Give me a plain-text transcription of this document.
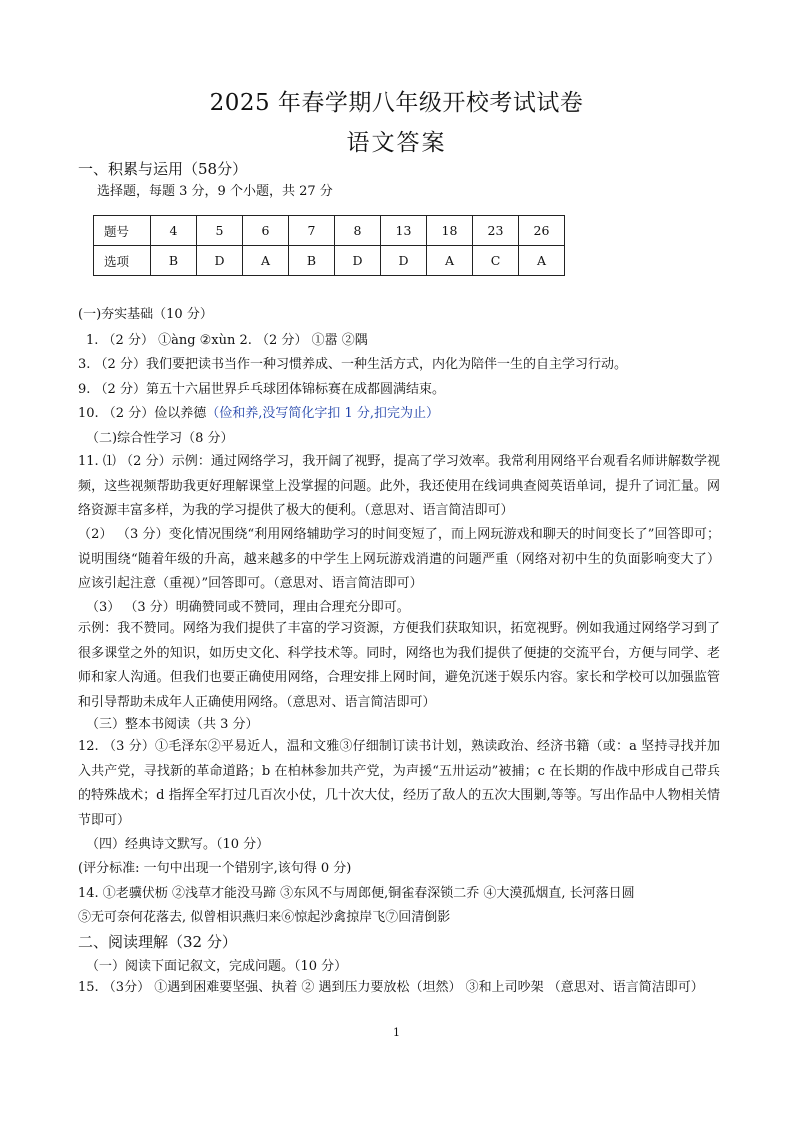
2025 年春学期八年级开校考试试卷
语文答案
一、积累与运用（58分）
选择题，每题 3 分，9 个小题，共 27 分
题号	4	5	6	7	8	13	18	23	26
选项	B	D	A	B	D	D	A	C	A
(一)夯实基础（10 分）
1. （2 分） ①àng ②xùn 2. （2 分） ①嚣 ②隅
3. （2 分）我们要把读书当作一种习惯养成、一种生活方式，内化为陪伴一生的自主学习行动。
9. （2 分）第五十六届世界乒乓球团体锦标赛在成都圆满结束。
10. （2 分）俭以养德（俭和养,没写简化字扣 1 分,扣完为止）
（二)综合性学习（8 分）
11. ⑴ （2 分）示例：通过网络学习，我开阔了视野，提高了学习效率。我常利用网络平台观看名师讲解数学视频，这些视频帮助我更好理解课堂上没掌握的问题。此外，我还使用在线词典查阅英语单词，提升了词汇量。网络资源丰富多样，为我的学习提供了极大的便利。（意思对、语言简洁即可）
（2） （3 分）变化情况围绕“利用网络辅助学习的时间变短了，而上网玩游戏和聊天的时间变长了”回答即可；说明围绕“随着年级的升高，越来越多的中学生上网玩游戏消遣的问题严重（网络对初中生的负面影响变大了）应该引起注意（重视）”回答即可。（意思对、语言简洁即可）
（3） （3 分）明确赞同或不赞同，理由合理充分即可。
示例：我不赞同。网络为我们提供了丰富的学习资源，方便我们获取知识，拓宽视野。例如我通过网络学习到了很多课堂之外的知识，如历史文化、科学技术等。同时，网络也为我们提供了便捷的交流平台，方便与同学、老师和家人沟通。但我们也要正确使用网络，合理安排上网时间，避免沉迷于娱乐内容。家长和学校可以加强监管和引导帮助未成年人正确使用网络。（意思对、语言简洁即可）
（三）整本书阅读（共 3 分）
12. （3 分）①毛泽东②平易近人，温和文雅③仔细制订读书计划，熟读政治、经济书籍（或：a 坚持寻找并加入共产党，寻找新的革命道路；b 在柏林参加共产党，为声援“五卅运动”被捕；c 在长期的作战中形成自己带兵的特殊战术；d 指挥全军打过几百次小仗，几十次大仗，经历了敌人的五次大围剿,等等。写出作品中人物相关情节即可）
（四）经典诗文默写。（10 分）
(评分标准: 一句中出现一个错别字,该句得 0 分)
14. ①老骥伏枥 ②浅草才能没马蹄 ③东风不与周郎便,铜雀春深锁二乔 ④大漠孤烟直, 长河落日圆
⑤无可奈何花落去, 似曾相识燕归来⑥惊起沙禽掠岸飞⑦回清倒影
二、阅读理解（32 分）
（一）阅读下面记叙文，完成问题。（10 分）
15. （3分） ①遇到困难要坚强、执着 ② 遇到压力要放松（坦然） ③和上司吵架 （意思对、语言简洁即可）
1
